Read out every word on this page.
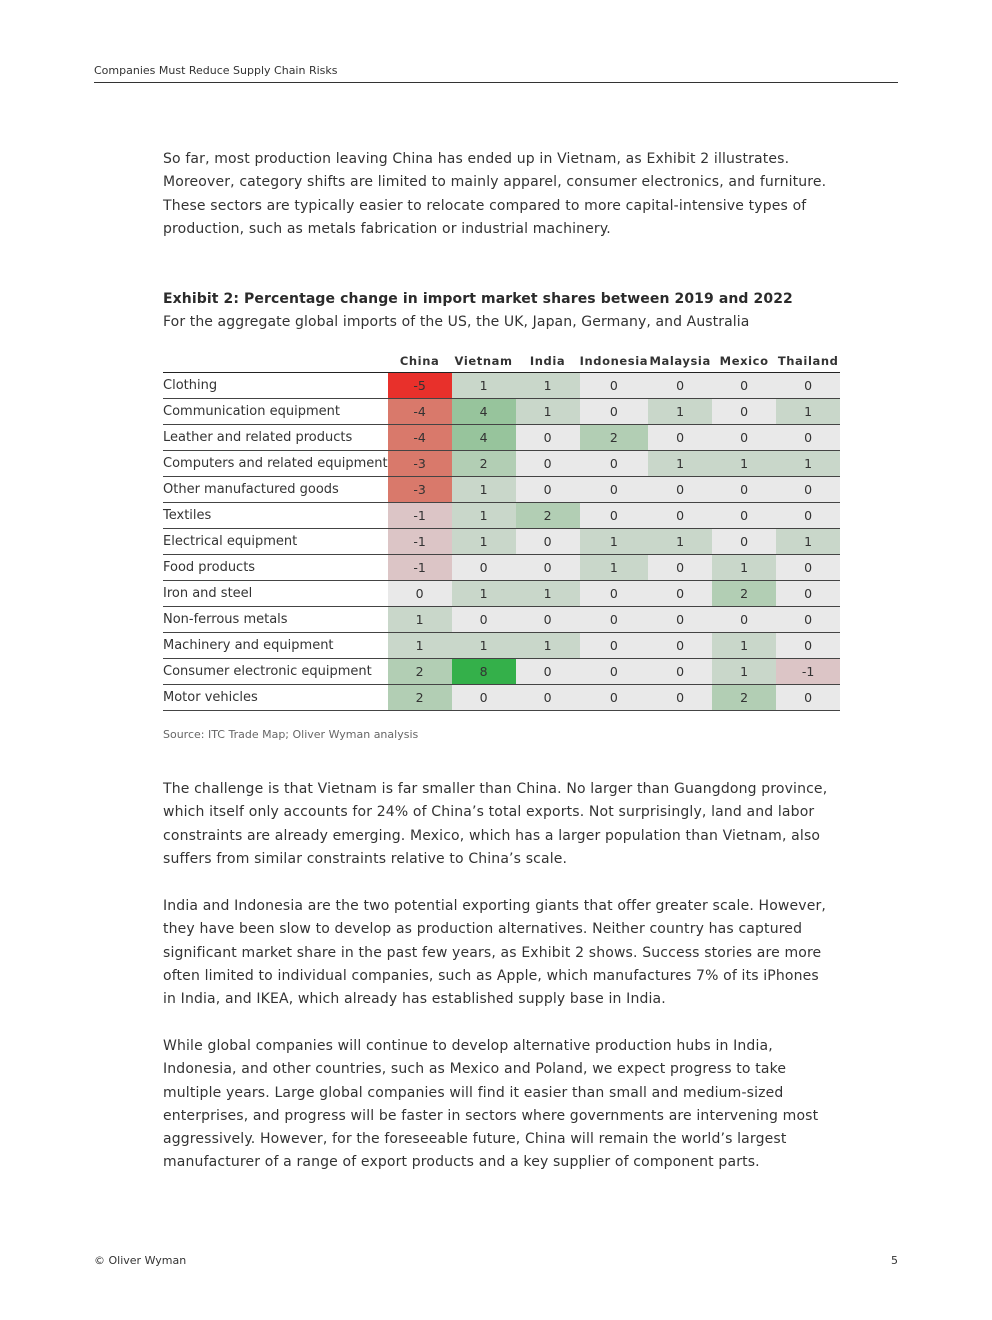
Companies Must Reduce Supply Chain Risks

So far, most production leaving China has ended up in Vietnam, as Exhibit 2 illustrates. Moreover, category shifts are limited to mainly apparel, consumer electronics, and furniture. These sectors are typically easier to relocate compared to more capital-intensive types of production, such as metals fabrication or industrial machinery.

Exhibit 2: Percentage change in import market shares between 2019 and 2022
For the aggregate global imports of the US, the UK, Japan, Germany, and Australia
	China	Vietnam	India	Indonesia	Malaysia	Mexico	Thailand
Clothing	-5	1	1	0	0	0	0
Communication equipment	-4	4	1	0	1	0	1
Leather and related products	-4	4	0	2	0	0	0
Computers and related equipment	-3	2	0	0	1	1	1
Other manufactured goods	-3	1	0	0	0	0	0
Textiles	-1	1	2	0	0	0	0
Electrical equipment	-1	1	0	1	1	0	1
Food products	-1	0	0	1	0	1	0
Iron and steel	0	1	1	0	0	2	0
Non-ferrous metals	1	0	0	0	0	0	0
Machinery and equipment	1	1	1	0	0	1	0
Consumer electronic equipment	2	8	0	0	0	1	-1
Motor vehicles	2	0	0	0	0	2	0
Source: ITC Trade Map; Oliver Wyman analysis

The challenge is that Vietnam is far smaller than China. No larger than Guangdong province, which itself only accounts for 24% of China’s total exports. Not surprisingly, land and labor constraints are already emerging. Mexico, which has a larger population than Vietnam, also suffers from similar constraints relative to China’s scale.

India and Indonesia are the two potential exporting giants that offer greater scale. However, they have been slow to develop as production alternatives. Neither country has captured significant market share in the past few years, as Exhibit 2 shows. Success stories are more often limited to individual companies, such as Apple, which manufactures 7% of its iPhones in India, and IKEA, which already has established supply base in India.

While global companies will continue to develop alternative production hubs in India, Indonesia, and other countries, such as Mexico and Poland, we expect progress to take multiple years. Large global companies will find it easier than small and medium-sized enterprises, and progress will be faster in sectors where governments are intervening most aggressively. However, for the foreseeable future, China will remain the world’s largest manufacturer of a range of export products and a key supplier of component parts.

© Oliver Wyman	5
